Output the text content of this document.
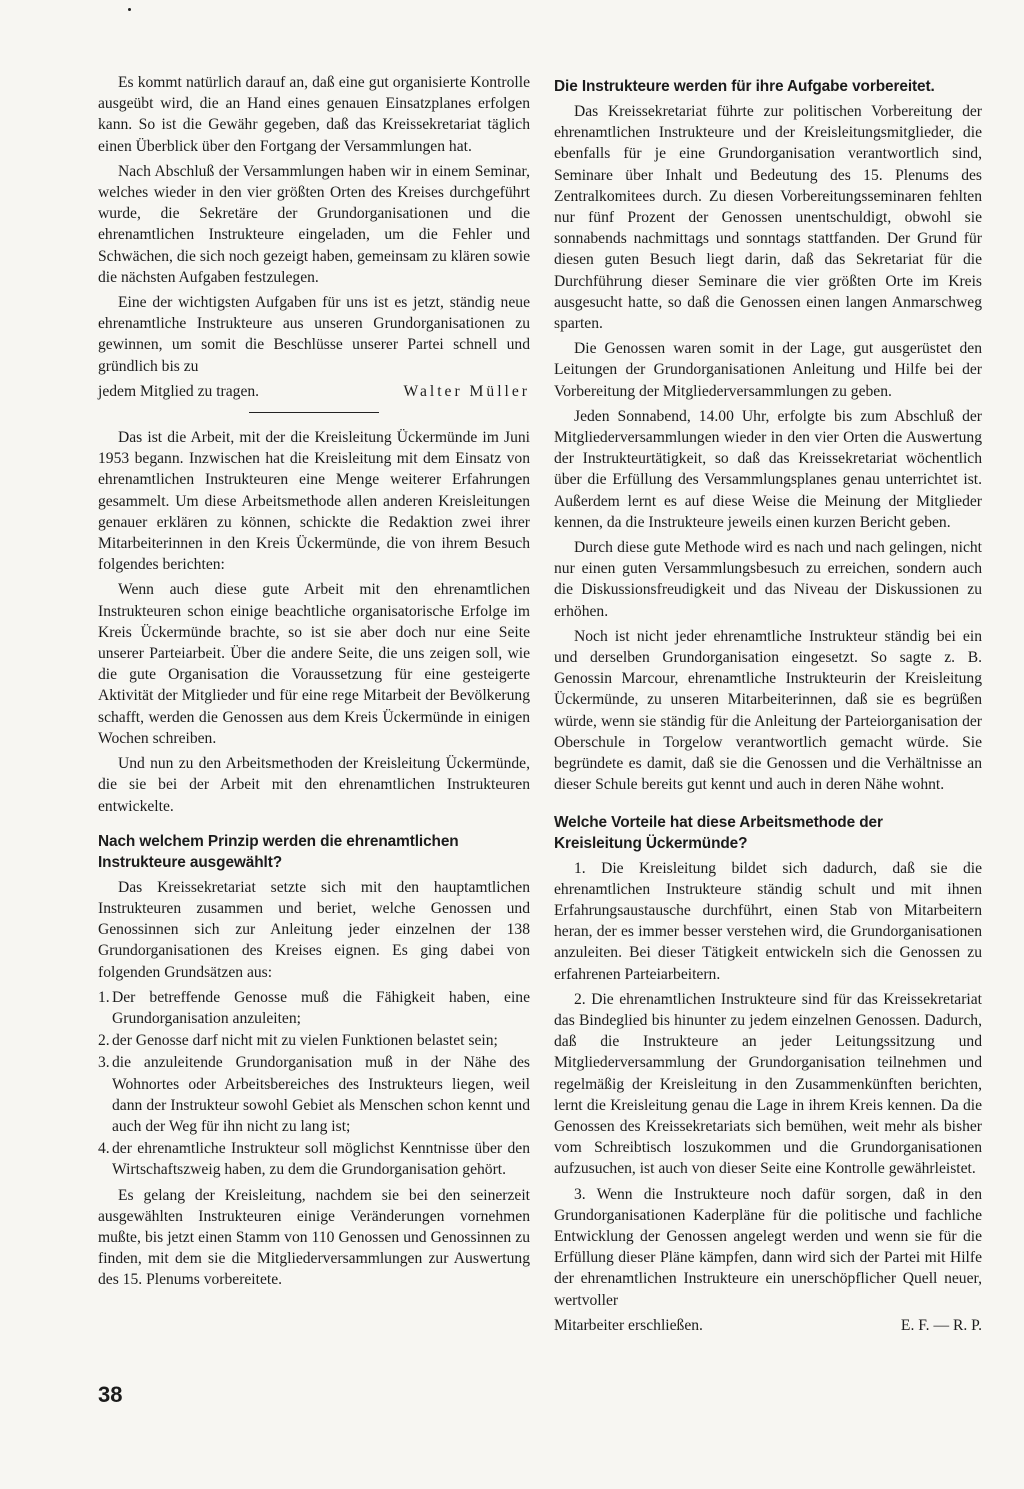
Es kommt natürlich darauf an, daß eine gut organisierte Kontrolle ausgeübt wird, die an Hand eines genauen Einsatzplanes erfolgen kann. So ist die Gewähr gegeben, daß das Kreissekretariat täglich einen Überblick über den Fortgang der Versammlungen hat.

Nach Abschluß der Versammlungen haben wir in einem Seminar, welches wieder in den vier größten Orten des Kreises durchgeführt wurde, die Sekretäre der Grundorganisationen und die ehrenamtlichen Instrukteure eingeladen, um die Fehler und Schwächen, die sich noch gezeigt haben, gemeinsam zu klären sowie die nächsten Aufgaben festzulegen.

Eine der wichtigsten Aufgaben für uns ist es jetzt, ständig neue ehrenamtliche Instrukteure aus unseren Grundorganisationen zu gewinnen, um somit die Beschlüsse unserer Partei schnell und gründlich bis zu

jedem Mitglied zu tragen.	Walter Müller

Das ist die Arbeit, mit der die Kreisleitung Ückermünde im Juni 1953 begann. Inzwischen hat die Kreisleitung mit dem Einsatz von ehrenamtlichen Instrukteuren eine Menge weiterer Erfahrungen gesammelt. Um diese Arbeitsmethode allen anderen Kreisleitungen genauer erklären zu können, schickte die Redaktion zwei ihrer Mitarbeiterinnen in den Kreis Ückermünde, die von ihrem Besuch folgendes berichten:

Wenn auch diese gute Arbeit mit den ehrenamtlichen Instrukteuren schon einige beachtliche organisatorische Erfolge im Kreis Ückermünde brachte, so ist sie aber doch nur eine Seite unserer Parteiarbeit. Über die andere Seite, die uns zeigen soll, wie die gute Organisation die Voraussetzung für eine gesteigerte Aktivität der Mitglieder und für eine rege Mitarbeit der Bevölkerung schafft, werden die Genossen aus dem Kreis Ückermünde in einigen Wochen schreiben.

Und nun zu den Arbeitsmethoden der Kreisleitung Ückermünde, die sie bei der Arbeit mit den ehrenamtlichen Instrukteuren entwickelte.

Nach welchem Prinzip werden die ehrenamtlichen Instrukteure ausgewählt?

Das Kreissekretariat setzte sich mit den hauptamtlichen Instrukteuren zusammen und beriet, welche Genossen und Genossinnen sich zur Anleitung jeder einzelnen der 138 Grundorganisationen des Kreises eignen. Es ging dabei von folgenden Grundsätzen aus:

1. Der betreffende Genosse muß die Fähigkeit haben, eine Grundorganisation anzuleiten;
2. der Genosse darf nicht mit zu vielen Funktionen belastet sein;
3. die anzuleitende Grundorganisation muß in der Nähe des Wohnortes oder Arbeitsbereiches des Instrukteurs liegen, weil dann der Instrukteur sowohl Gebiet als Menschen schon kennt und auch der Weg für ihn nicht zu lang ist;
4. der ehrenamtliche Instrukteur soll möglichst Kenntnisse über den Wirtschaftszweig haben, zu dem die Grundorganisation gehört.

Es gelang der Kreisleitung, nachdem sie bei den seinerzeit ausgewählten Instrukteuren einige Veränderungen vornehmen mußte, bis jetzt einen Stamm von 110 Genossen und Genossinnen zu finden, mit dem sie die Mitgliederversammlungen zur Auswertung des 15. Plenums vorbereitete.

Die Instrukteure werden für ihre Aufgabe vorbereitet.

Das Kreissekretariat führte zur politischen Vorbereitung der ehrenamtlichen Instrukteure und der Kreisleitungsmitglieder, die ebenfalls für je eine Grundorganisation verantwortlich sind, Seminare über Inhalt und Bedeutung des 15. Plenums des Zentralkomitees durch. Zu diesen Vorbereitungsseminaren fehlten nur fünf Prozent der Genossen unentschuldigt, obwohl sie sonnabends nachmittags und sonntags stattfanden. Der Grund für diesen guten Besuch liegt darin, daß das Sekretariat für die Durchführung dieser Seminare die vier größten Orte im Kreis ausgesucht hatte, so daß die Genossen einen langen Anmarschweg sparten.

Die Genossen waren somit in der Lage, gut ausgerüstet den Leitungen der Grundorganisationen Anleitung und Hilfe bei der Vorbereitung der Mitgliederversammlungen zu geben.

Jeden Sonnabend, 14.00 Uhr, erfolgte bis zum Abschluß der Mitgliederversammlungen wieder in den vier Orten die Auswertung der Instrukteurtätigkeit, so daß das Kreissekretariat wöchentlich über die Erfüllung des Versammlungsplanes genau unterrichtet ist. Außerdem lernt es auf diese Weise die Meinung der Mitglieder kennen, da die Instrukteure jeweils einen kurzen Bericht geben.

Durch diese gute Methode wird es nach und nach gelingen, nicht nur einen guten Versammlungsbesuch zu erreichen, sondern auch die Diskussionsfreudigkeit und das Niveau der Diskussionen zu erhöhen.

Noch ist nicht jeder ehrenamtliche Instrukteur ständig bei ein und derselben Grundorganisation eingesetzt. So sagte z. B. Genossin Marcour, ehrenamtliche Instrukteurin der Kreisleitung Ückermünde, zu unseren Mitarbeiterinnen, daß sie es begrüßen würde, wenn sie ständig für die Anleitung der Parteiorganisation der Oberschule in Torgelow verantwortlich gemacht würde. Sie begründete es damit, daß sie die Genossen und die Verhältnisse an dieser Schule bereits gut kennt und auch in deren Nähe wohnt.

Welche Vorteile hat diese Arbeitsmethode der Kreisleitung Ückermünde?

1. Die Kreisleitung bildet sich dadurch, daß sie die ehrenamtlichen Instrukteure ständig schult und mit ihnen Erfahrungsaustausche durchführt, einen Stab von Mitarbeitern heran, der es immer besser verstehen wird, die Grundorganisationen anzuleiten. Bei dieser Tätigkeit entwickeln sich die Genossen zu erfahrenen Parteiarbeitern.

2. Die ehrenamtlichen Instrukteure sind für das Kreissekretariat das Bindeglied bis hinunter zu jedem einzelnen Genossen. Dadurch, daß die Instrukteure an jeder Leitungssitzung und Mitgliederversammlung der Grundorganisation teilnehmen und regelmäßig der Kreisleitung in den Zusammenkünften berichten, lernt die Kreisleitung genau die Lage in ihrem Kreis kennen. Da die Genossen des Kreissekretariats sich bemühen, weit mehr als bisher vom Schreibtisch loszukommen und die Grundorganisationen aufzusuchen, ist auch von dieser Seite eine Kontrolle gewährleistet.

3. Wenn die Instrukteure noch dafür sorgen, daß in den Grundorganisationen Kaderpläne für die politische und fachliche Entwicklung der Genossen angelegt werden und wenn sie für die Erfüllung dieser Pläne kämpfen, dann wird sich der Partei mit Hilfe der ehrenamtlichen Instrukteure ein unerschöpflicher Quell neuer, wertvoller

Mitarbeiter erschließen.	E. F. — R. P.
38
